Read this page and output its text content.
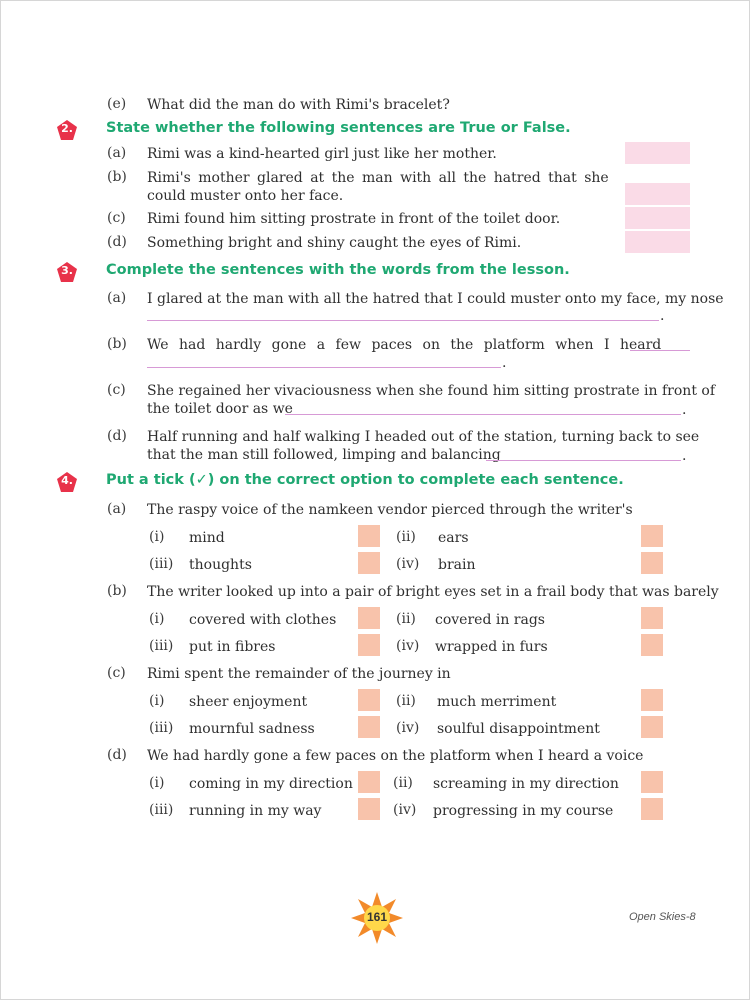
(e) What did the man do with Rimi's bracelet?
2.	State whether the following sentences are True or False.
(a) Rimi was a kind-hearted girl just like her mother.
(b) Rimi's mother glared at the man with all the hatred that she
could muster onto her face.
(c) Rimi found him sitting prostrate in front of the toilet door.
(d) Something bright and shiny caught the eyes of Rimi.
3.	Complete the sentences with the words from the lesson.
(a) I glared at the man with all the hatred that I could muster onto my face, my nose
.
(b) We had hardly gone a few paces on the platform when I heard
.
(c) She regained her vivaciousness when she found him sitting prostrate in front of
the toilet door as we	.
(d) Half running and half walking I headed out of the station, turning back to see
that the man still followed, limping and balancing	.
4.	Put a tick (✓) on the correct option to complete each sentence.
(a) The raspy voice of the namkeen vendor pierced through the writer's
(i) mind	(ii) ears
(iii) thoughts	(iv) brain
(b) The writer looked up into a pair of bright eyes set in a frail body that was barely
(i) covered with clothes	(ii) covered in rags
(iii) put in fibres	(iv) wrapped in furs
(c) Rimi spent the remainder of the journey in
(i) sheer enjoyment	(ii) much merriment
(iii) mournful sadness	(iv) soulful disappointment
(d) We had hardly gone a few paces on the platform when I heard a voice
(i) coming in my direction	(ii) screaming in my direction
(iii) running in my way	(iv) progressing in my course
161	Open Skies-8
